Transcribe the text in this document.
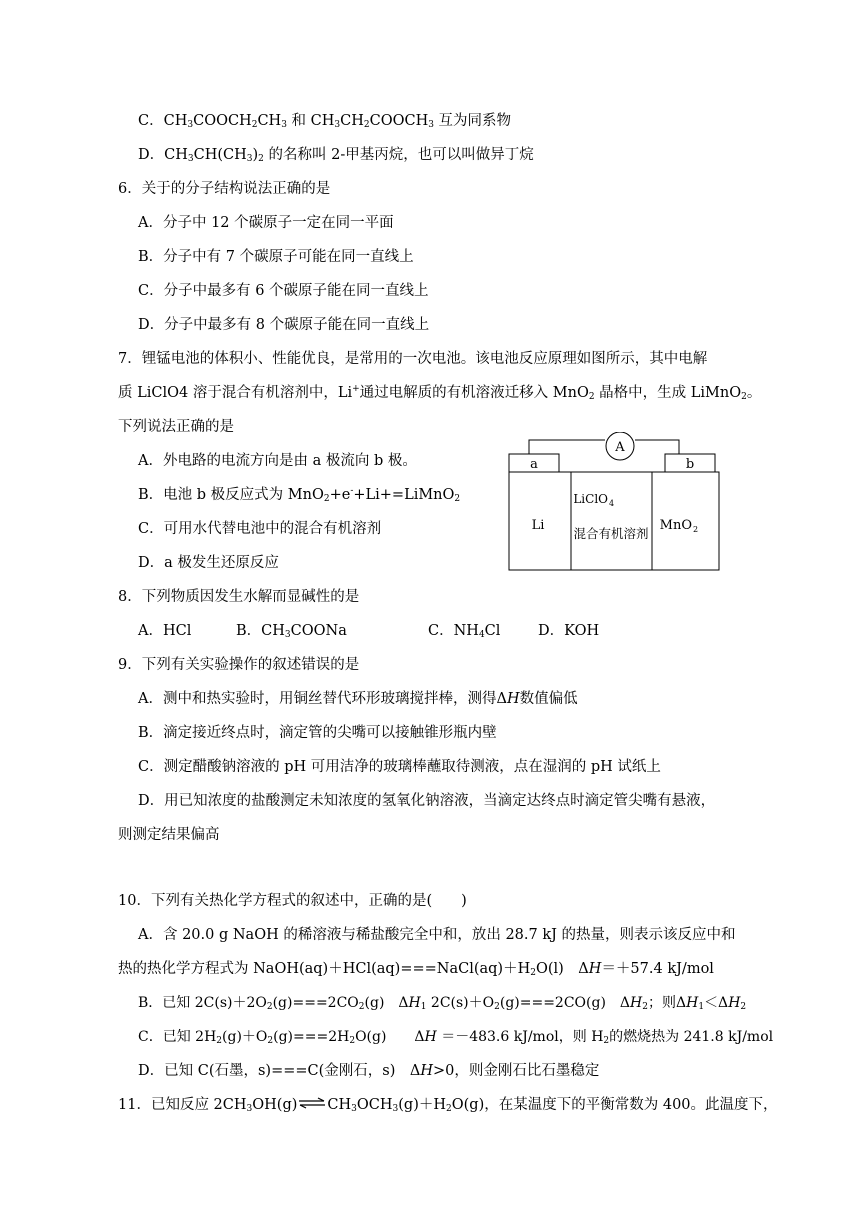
C．$CH_3COOCH_2CH_3$ 和 $CH_3CH_2COOCH_3$ 互为同系物
D．$CH_3CH(CH_3)_2$ 的名称叫 2-甲基丙烷，也可以叫做异丁烷
6．关于的分子结构说法正确的是
A．分子中 12 个碳原子一定在同一平面
B．分子中有 7 个碳原子可能在同一直线上
C．分子中最多有 6 个碳原子能在同一直线上
D．分子中最多有 8 个碳原子能在同一直线上
7．锂锰电池的体积小、性能优良，是常用的一次电池。该电池反应原理如图所示，其中电解
质 LiClO4 溶于混合有机溶剂中，Li+通过电解质的有机溶液迁移入 MnO$_2$ 晶格中，生成 LiMnO$_2$。
下列说法正确的是
A．外电路的电流方向是由 a 极流向 b 极。
B．电池 b 极反应式为 MnO$_2$+e-+Li+=LiMnO$_2$
C．可用水代替电池中的混合有机溶剂
D．a 极发生还原反应
A
a	b
Li
LiClO 4
混合有机溶剂
MnO 2
8．下列物质因发生水解而显碱性的是
A．HCl	B．$CH_3COONa$	C．$NH_4Cl$	D．KOH
9．下列有关实验操作的叙述错误的是
A．测中和热实验时，用铜丝替代环形玻璃搅拌棒，测得ΔH数值偏低
B．滴定接近终点时，滴定管的尖嘴可以接触锥形瓶内壁
C．测定醋酸钠溶液的 pH 可用洁净的玻璃棒蘸取待测液，点在湿润的 pH 试纸上
D．用已知浓度的盐酸测定未知浓度的氢氧化钠溶液，当滴定达终点时滴定管尖嘴有悬液，
则测定结果偏高
10．下列有关热化学方程式的叙述中，正确的是(　　)
A．含 20.0 g NaOH 的稀溶液与稀盐酸完全中和，放出 28.7 kJ 的热量，则表示该反应中和
热的热化学方程式为 $NaOH(aq)+HCl(aq)===NaCl(aq)+H_2O(l)$　ΔH＝＋57.4 kJ/mol
B．已知 $2C(s)+2O_2(g)===2CO_2(g)$　$\Delta H_1$ $2C(s)+O_2(g)===2CO(g)$　$\Delta H_2$；则$\Delta H_1<\Delta H_2$
C．已知 $2H_2(g)+O_2(g)===2H_2O(g)$　　ΔH ＝－483.6 kJ/mol，则 $H_2$的燃烧热为 241.8 kJ/mol
D．已知 C(石墨，s)===C(金刚石，s)　ΔH>0，则金刚石比石墨稳定
11．已知反应 $2CH_3OH(g)\rightleftharpoons CH_3OCH_3(g)+H_2O(g)$，在某温度下的平衡常数为 400。此温度下，
